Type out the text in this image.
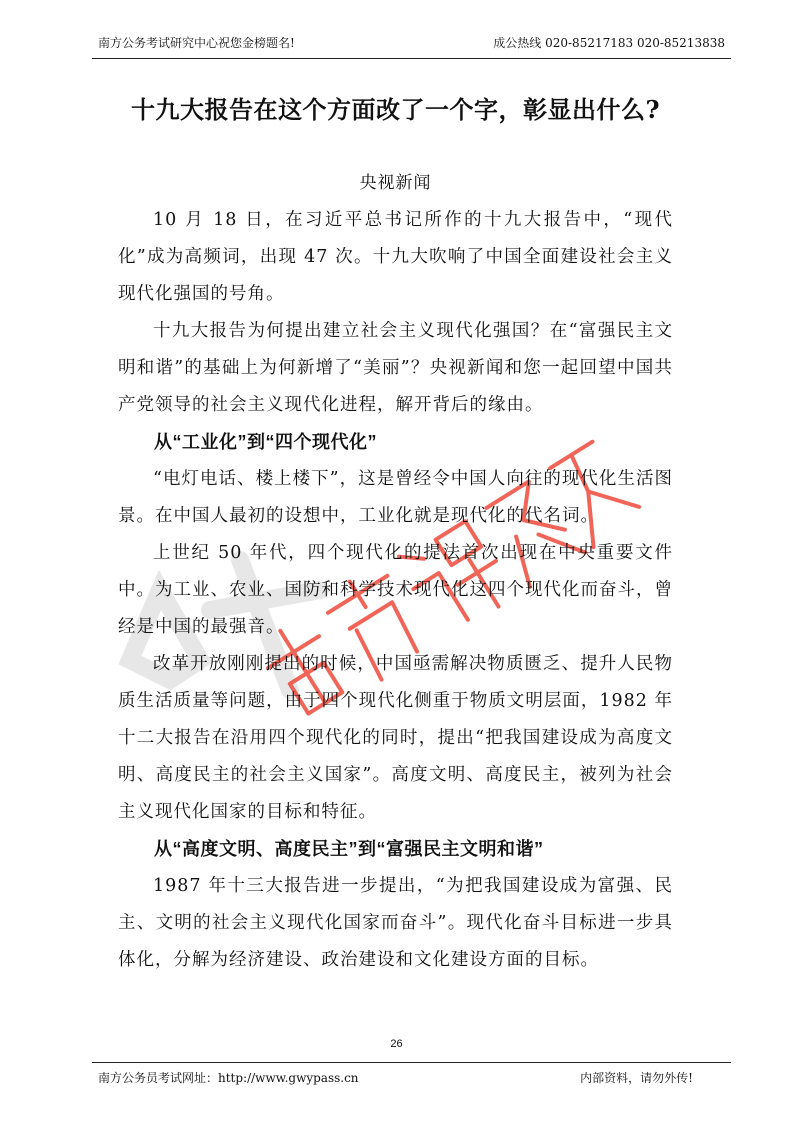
南方公务考试研究中心祝您金榜题名!	成公热线 020-85217183 020-85213838
十九大报告在这个方面改了一个字，彰显出什么?
央视新闻

10 月 18 日，在习近平总书记所作的十九大报告中，“现代化”成为高频词，出现 47 次。十九大吹响了中国全面建设社会主义现代化强国的号角。

十九大报告为何提出建立社会主义现代化强国？在“富强民主文明和谐”的基础上为何新增了“美丽”？央视新闻和您一起回望中国共产党领导的社会主义现代化进程，解开背后的缘由。

从“工业化”到“四个现代化”

“电灯电话、楼上楼下”，这是曾经令中国人向往的现代化生活图景。在中国人最初的设想中，工业化就是现代化的代名词。

上世纪 50 年代，四个现代化的提法首次出现在中央重要文件中。为工业、农业、国防和科学技术现代化这四个现代化而奋斗，曾经是中国的最强音。

改革开放刚刚提出的时候，中国亟需解决物质匮乏、提升人民物质生活质量等问题，由于四个现代化侧重于物质文明层面，1982 年十二大报告在沿用四个现代化的同时，提出“把我国建设成为高度文明、高度民主的社会主义国家”。高度文明、高度民主，被列为社会主义现代化国家的目标和特征。

从“高度文明、高度民主”到“富强民主文明和谐”

1987 年十三大报告进一步提出，“为把我国建设成为富强、民主、文明的社会主义现代化国家而奋斗”。现代化奋斗目标进一步具体化，分解为经济建设、政治建设和文化建设方面的目标。

26
南方公务员考试网址：http://www.gwypass.cn	内部资料，请勿外传!
